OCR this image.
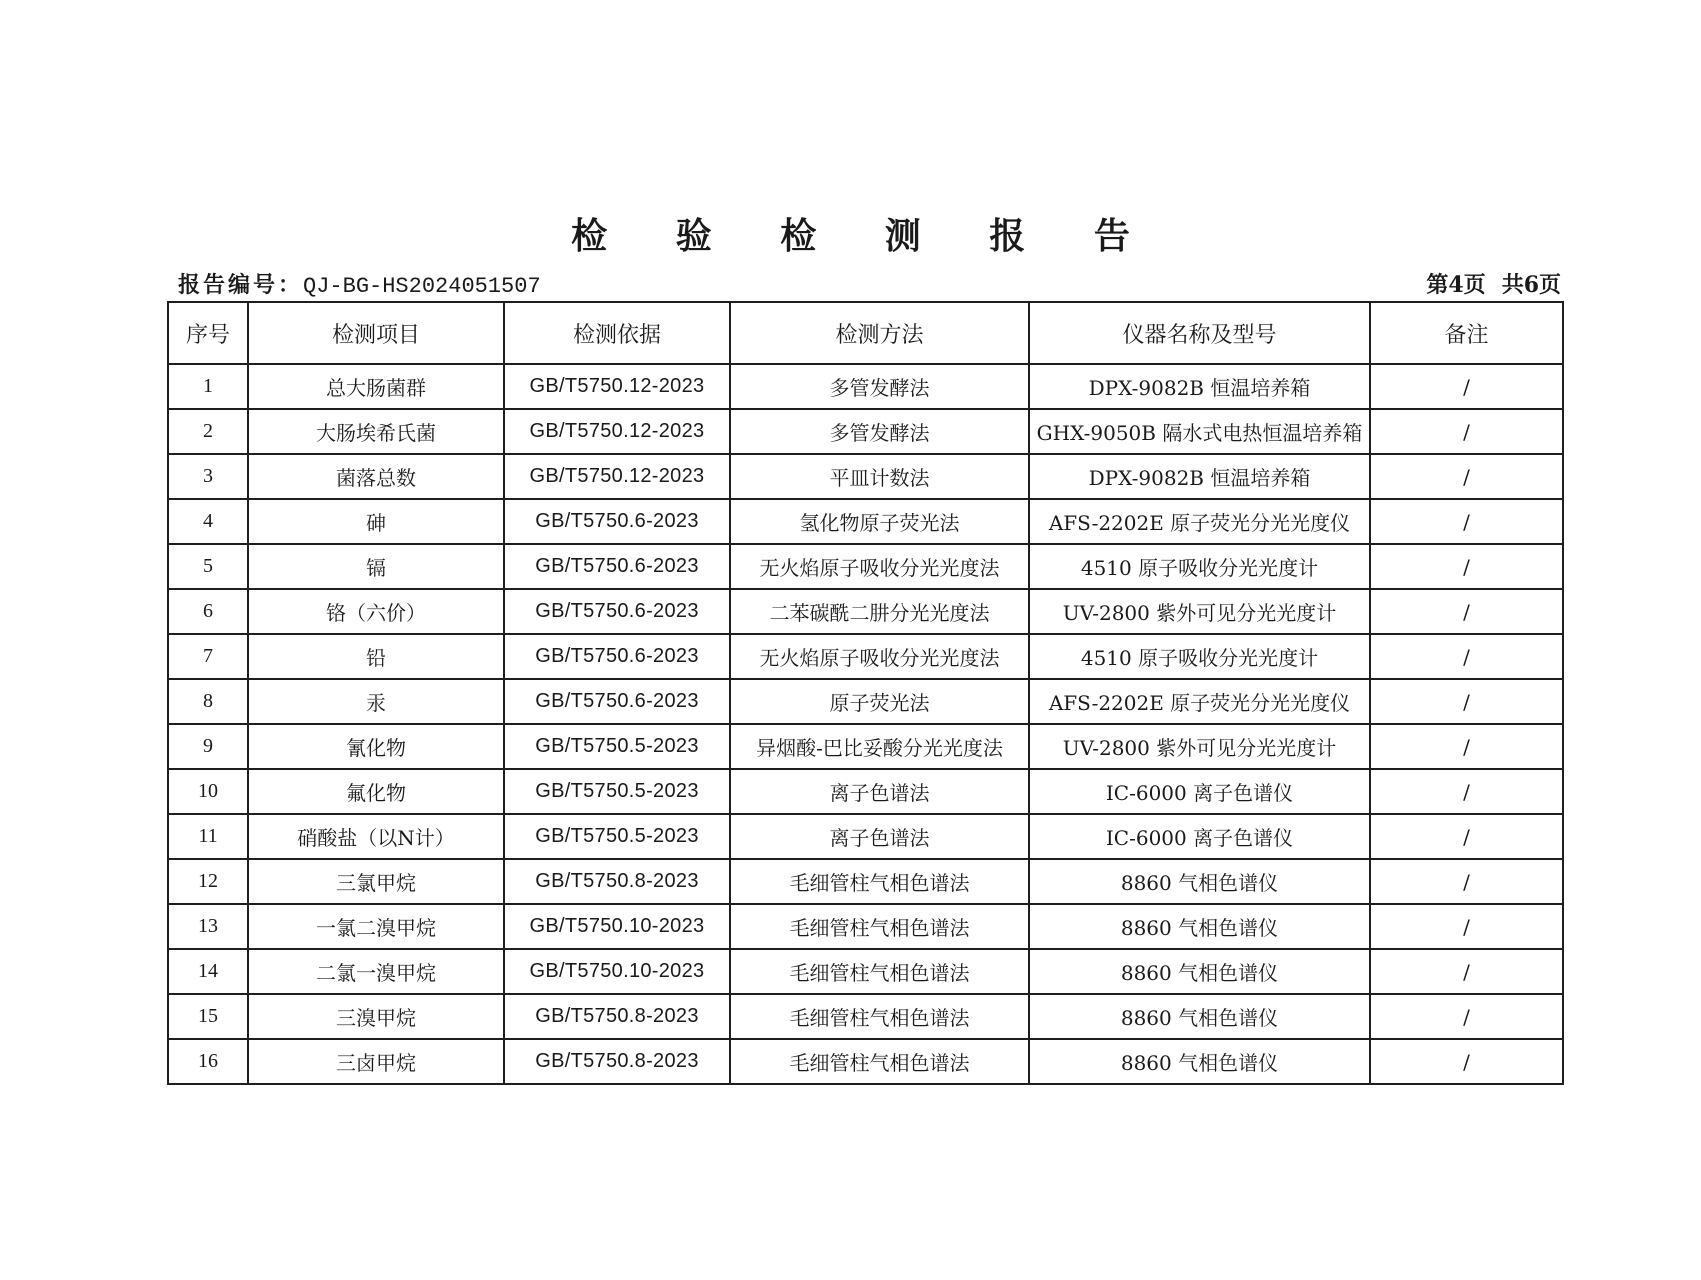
检 验 检 测 报 告
报告编号：QJ-BG-HS2024051507	第4页 共6页
序号	检测项目	检测依据	检测方法	仪器名称及型号	备注
1	总大肠菌群	GB/T5750.12-2023	多管发酵法	DPX-9082B 恒温培养箱	/
2	大肠埃希氏菌	GB/T5750.12-2023	多管发酵法	GHX-9050B 隔水式电热恒温培养箱	/
3	菌落总数	GB/T5750.12-2023	平皿计数法	DPX-9082B 恒温培养箱	/
4	砷	GB/T5750.6-2023	氢化物原子荧光法	AFS-2202E 原子荧光分光光度仪	/
5	镉	GB/T5750.6-2023	无火焰原子吸收分光光度法	4510 原子吸收分光光度计	/
6	铬（六价）	GB/T5750.6-2023	二苯碳酰二肼分光光度法	UV-2800 紫外可见分光光度计	/
7	铅	GB/T5750.6-2023	无火焰原子吸收分光光度法	4510 原子吸收分光光度计	/
8	汞	GB/T5750.6-2023	原子荧光法	AFS-2202E 原子荧光分光光度仪	/
9	氰化物	GB/T5750.5-2023	异烟酸-巴比妥酸分光光度法	UV-2800 紫外可见分光光度计	/
10	氟化物	GB/T5750.5-2023	离子色谱法	IC-6000 离子色谱仪	/
11	硝酸盐（以N计）	GB/T5750.5-2023	离子色谱法	IC-6000 离子色谱仪	/
12	三氯甲烷	GB/T5750.8-2023	毛细管柱气相色谱法	8860 气相色谱仪	/
13	一氯二溴甲烷	GB/T5750.10-2023	毛细管柱气相色谱法	8860 气相色谱仪	/
14	二氯一溴甲烷	GB/T5750.10-2023	毛细管柱气相色谱法	8860 气相色谱仪	/
15	三溴甲烷	GB/T5750.8-2023	毛细管柱气相色谱法	8860 气相色谱仪	/
16	三卤甲烷	GB/T5750.8-2023	毛细管柱气相色谱法	8860 气相色谱仪	/
